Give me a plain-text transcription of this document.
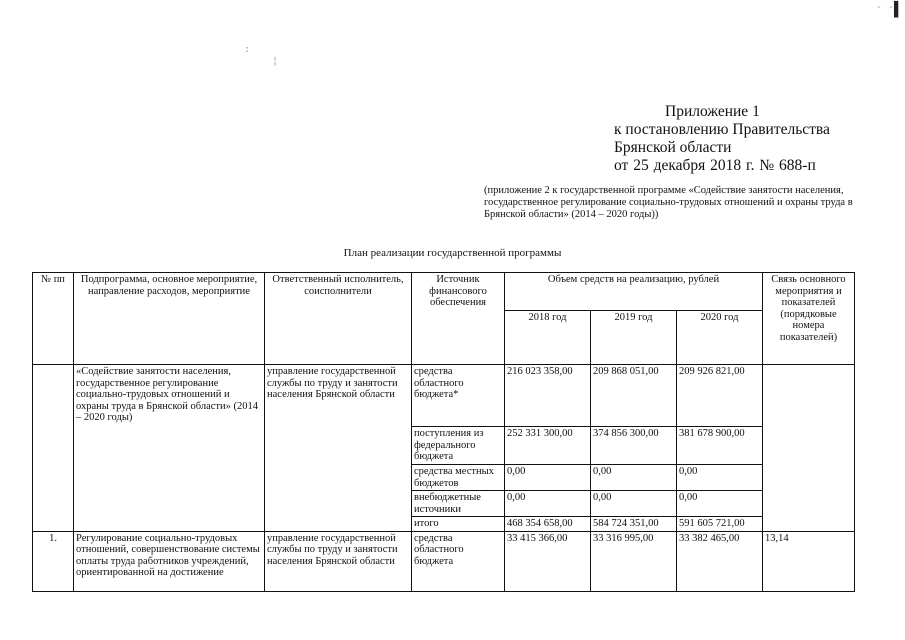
- - ▌
:
¦
Приложение 1
к постановлению Правительства
Брянской области
от 25 декабря 2018 г. № 688-п
(приложение 2 к государственной программе «Содействие занятости населения, государственное регулирование социально-трудовых отношений и охраны труда в Брянской области» (2014 – 2020 годы))
План реализации государственной программы
№ пп	Подпрограмма, основное мероприятие, направление расходов, мероприятие	Ответственный исполнитель, соисполнители	Источник финансового обеспечения	Объем средств на реализацию, рублей			Связь основного мероприятия и показателей (порядковые номера показателей)
				2018 год	2019 год	2020 год	
	«Содействие занятости населения, государственное регулирование социально-трудовых отношений и охраны труда в Брянской области» (2014 – 2020 годы)	управление государственной службы по труду и занятости населения Брянской области	средства областного бюджета*	216 023 358,00	209 868 051,00	209 926 821,00	
			поступления из федерального бюджета	252 331 300,00	374 856 300,00	381 678 900,00	
			средства местных бюджетов	0,00	0,00	0,00	
			внебюджетные источники	0,00	0,00	0,00	
			итого	468 354 658,00	584 724 351,00	591 605 721,00	
1.	Регулирование социально-трудовых отношений, совершенствование системы оплаты труда работников учреждений, ориентированной на достижение	управление государственной службы по труду и занятости населения Брянской области	средства областного бюджета	33 415 366,00	33 316 995,00	33 382 465,00	13,14
